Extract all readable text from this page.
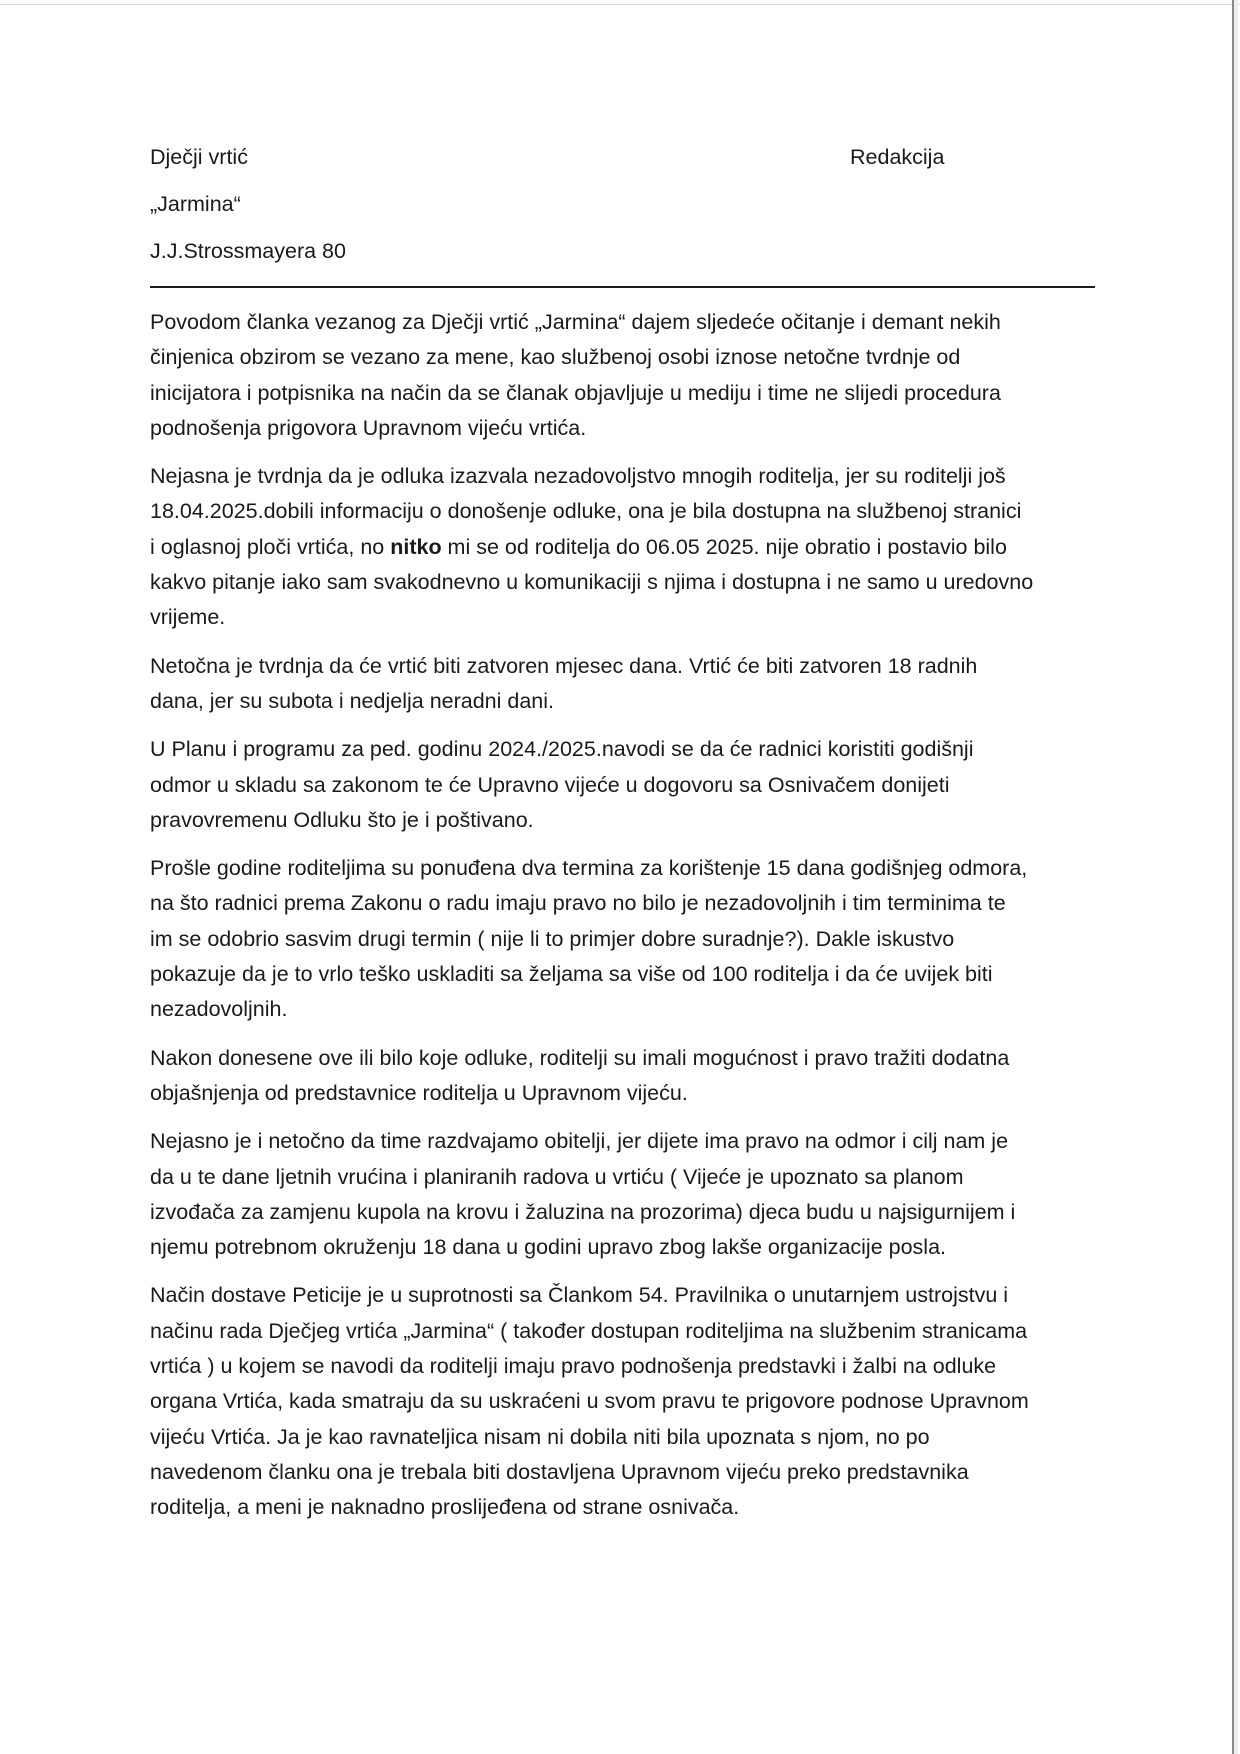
Dječji vrtić
„Jarmina“
J.J.Strossmayera 80
Redakcija

Povodom članka vezanog za Dječji vrtić „Jarmina“ dajem sljedeće očitanje i demant nekih
činjenica obzirom se vezano za mene, kao službenoj osobi iznose netočne tvrdnje od
inicijatora i potpisnika na način da se članak objavljuje u mediju i time ne slijedi procedura
podnošenja prigovora Upravnom vijeću vrtića.

Nejasna je tvrdnja da je odluka izazvala nezadovoljstvo mnogih roditelja, jer su roditelji još
18.04.2025.dobili informaciju o donošenje odluke, ona je bila dostupna na službenoj stranici
i oglasnoj ploči vrtića, no nitko mi se od roditelja do 06.05 2025. nije obratio i postavio bilo
kakvo pitanje iako sam svakodnevno u komunikaciji s njima i dostupna i ne samo u uredovno
vrijeme.

Netočna je tvrdnja da će vrtić biti zatvoren mjesec dana. Vrtić će biti zatvoren 18 radnih
dana, jer su subota i nedjelja neradni dani.

U Planu i programu za ped. godinu 2024./2025.navodi se da će radnici koristiti godišnji
odmor u skladu sa zakonom te će Upravno vijeće u dogovoru sa Osnivačem donijeti
pravovremenu Odluku što je i poštivano.

Prošle godine roditeljima su ponuđena dva termina za korištenje 15 dana godišnjeg odmora,
na što radnici prema Zakonu o radu imaju pravo no bilo je nezadovoljnih i tim terminima te
im se odobrio sasvim drugi termin ( nije li to primjer dobre suradnje?). Dakle iskustvo
pokazuje da je to vrlo teško uskladiti sa željama sa više od 100 roditelja i da će uvijek biti
nezadovoljnih.

Nakon donesene ove ili bilo koje odluke, roditelji su imali mogućnost i pravo tražiti dodatna
objašnjenja od predstavnice roditelja u Upravnom vijeću.

Nejasno je i netočno da time razdvajamo obitelji, jer dijete ima pravo na odmor i cilj nam je
da u te dane ljetnih vrućina i planiranih radova u vrtiću ( Vijeće je upoznato sa planom
izvođača za zamjenu kupola na krovu i žaluzina na prozorima) djeca budu u najsigurnijem i
njemu potrebnom okruženju 18 dana u godini upravo zbog lakše organizacije posla.

Način dostave Peticije je u suprotnosti sa Člankom 54. Pravilnika o unutarnjem ustrojstvu i
načinu rada Dječjeg vrtića „Jarmina“ ( također dostupan roditeljima na službenim stranicama
vrtića ) u kojem se navodi da roditelji imaju pravo podnošenja predstavki i žalbi na odluke
organa Vrtića, kada smatraju da su uskraćeni u svom pravu te prigovore podnose Upravnom
vijeću Vrtića. Ja je kao ravnateljica nisam ni dobila niti bila upoznata s njom, no po
navedenom članku ona je trebala biti dostavljena Upravnom vijeću preko predstavnika
roditelja, a meni je naknadno proslijeđena od strane osnivača.
